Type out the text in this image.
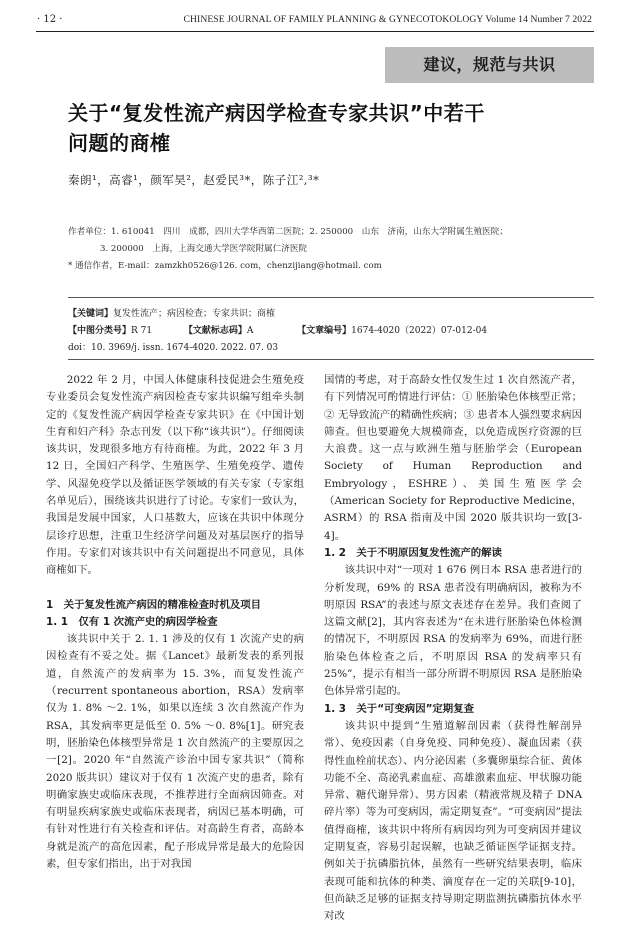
· 12 ·	CHINESE JOURNAL OF FAMILY PLANNING & GYNECOTOKOLOGY Volume 14 Number 7 2022
建议，规范与共识
关于“复发性流产病因学检查专家共识”中若干
问题的商榷
秦朗¹，高睿¹，颜军昊²，赵爱民³*，陈子江²,³*
作者单位：1. 610041　四川　成都，四川大学华西第二医院；2. 250000　山东　济南，山东大学附属生殖医院；
3. 200000　上海，上海交通大学医学院附属仁济医院
* 通信作者，E-mail：zamzkh0526@126. com，chenzijiang@hotmail. com
【关键词】复发性流产；病因检查；专家共识；商榷
【中图分类号】R 71	【文献标志码】A	【文章编号】1674-4020（2022）07-012-04
doi：10. 3969/j. issn. 1674-4020. 2022. 07. 03

2022 年 2 月，中国人体健康科技促进会生殖免疫专业委员会复发性流产病因检查专家共识编写组牵头制定的《复发性流产病因学检查专家共识》在《中国计划生育和妇产科》杂志刊发（以下称“该共识”）。仔细阅读该共识，发现很多地方有待商榷。为此，2022 年 3 月 12 日，全国妇产科学、生殖医学、生殖免疫学、遗传学、风湿免疫学以及循证医学领域的有关专家（专家组名单见后），围绕该共识进行了讨论。专家们一致认为，我国是发展中国家，人口基数大，应该在共识中体现分层诊疗思想，注重卫生经济学问题及对基层医疗的指导作用。专家们对该共识中有关问题提出不同意见，具体商榷如下。

1　关于复发性流产病因的精准检查时机及项目
1. 1　仅有 1 次流产史的病因学检查

该共识中关于 2. 1. 1 涉及的仅有 1 次流产史的病因检查有不妥之处。据《Lancet》最新发表的系列报道，自然流产的发病率为 15. 3%，而复发性流产（recurrent spontaneous abortion，RSA）发病率仅为 1. 8% ～2. 1%，如果以连续 3 次自然流产作为 RSA，其发病率更是低至 0. 5% ～0. 8%[1]。研究表明，胚胎染色体核型异常是 1 次自然流产的主要原因之一[2]。2020 年“自然流产诊治中国专家共识”（简称 2020 版共识）建议对于仅有 1 次流产史的患者，除有明确家族史或临床表现，不推荐进行全面病因筛查。对有明显疾病家族史或临床表现者，病因已基本明确，可有针对性进行有关检查和评估。对高龄生育者，高龄本身就是流产的高危因素，配子形成异常是最大的危险因素，但专家们指出，出于对我国

国情的考虑，对于高龄女性仅发生过 1 次自然流产者，有下列情况可酌情进行评估：① 胚胎染色体核型正常；② 无导致流产的精确性疾病；③ 患者本人强烈要求病因筛查。但也要避免大规模筛查，以免造成医疗资源的巨大浪费。这一点与欧洲生殖与胚胎学会（European Society of Human Reproduction and Embryology，ESHRE）、美国生殖医学会（American Society for Reproductive Medicine，ASRM）的 RSA 指南及中国 2020 版共识均一致[3-4]。

1. 2　关于不明原因复发性流产的解读

该共识中对“一项对 1 676 例日本 RSA 患者进行的分析发现，69% 的 RSA 患者没有明确病因，被称为不明原因 RSA”的表述与原文表述存在差异。我们查阅了这篇文献[2]，其内容表述为“在未进行胚胎染色体检测的情况下，不明原因 RSA 的发病率为 69%，而进行胚胎染色体检查之后，不明原因 RSA 的发病率只有 25%”，提示有相当一部分所谓不明原因 RSA 是胚胎染色体异常引起的。

1. 3　关于“可变病因”定期复查

该共识中提到“生殖道解剖因素（获得性解剖异常）、免疫因素（自身免疫、同种免疫）、凝血因素（获得性血栓前状态）、内分泌因素（多囊卵巢综合征、黄体功能不全、高泌乳素血症、高雄激素血症、甲状腺功能异常、糖代谢异常）、男方因素（精液常规及精子 DNA 碎片率）等为可变病因，需定期复查”。“可变病因”提法值得商榷，该共识中将所有病因均列为可变病因并建议定期复查，容易引起误解，也缺乏循证医学证据支持。例如关于抗磷脂抗体，虽然有一些研究结果表明，临床表现可能和抗体的种类、滴度存在一定的关联[9-10]，但尚缺乏足够的证据支持导期定期监测抗磷脂抗体水平对改
